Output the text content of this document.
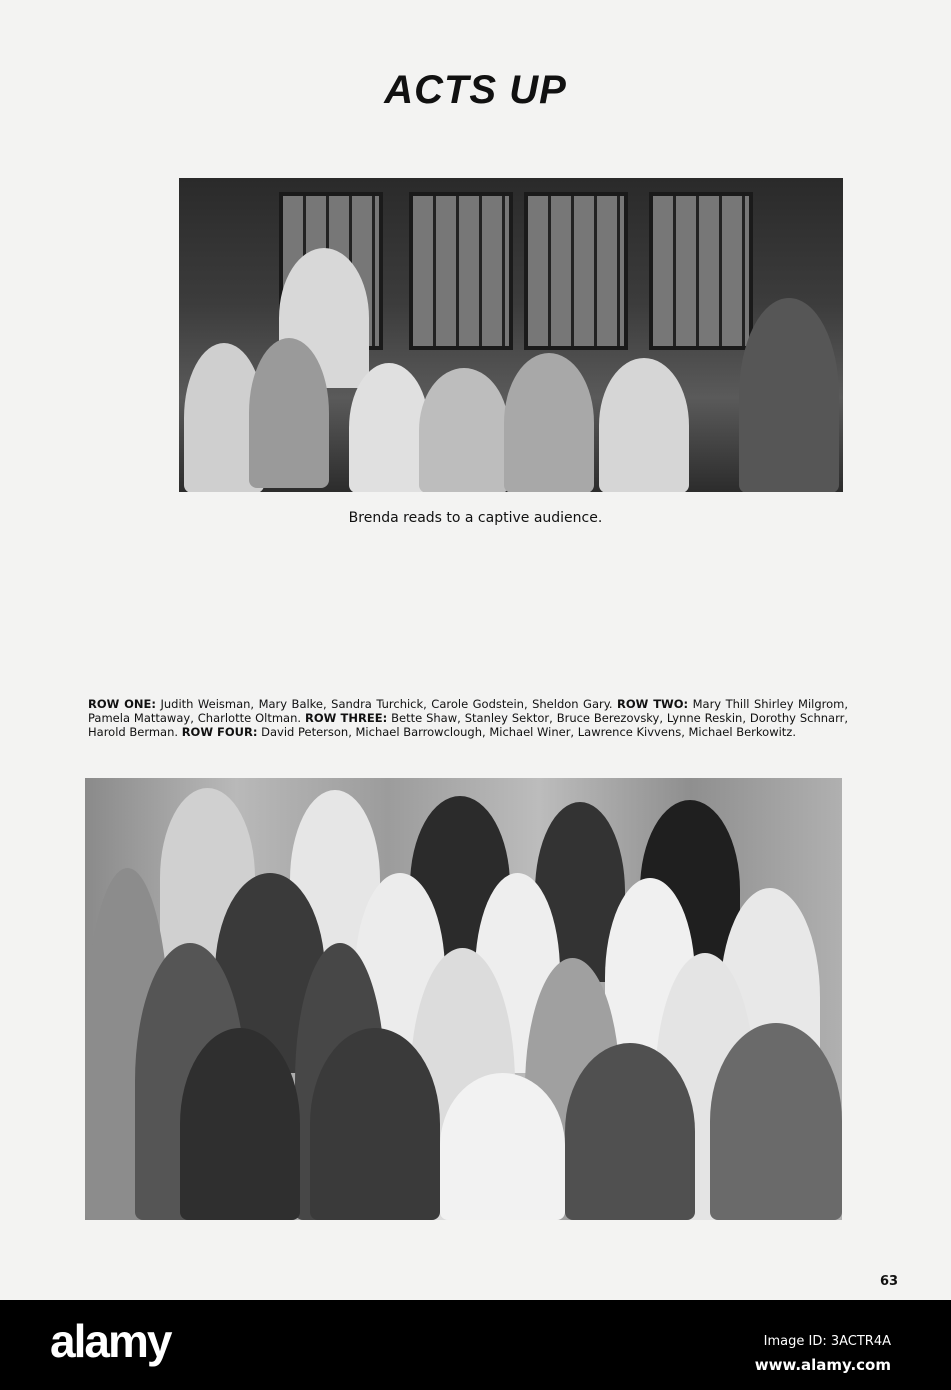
ACTS UP
Brenda reads to a captive audience.
ROW ONE: Judith Weisman, Mary Balke, Sandra Turchick, Carole Godstein, Sheldon Gary. ROW TWO: Mary Thill Shirley Milgrom, Pamela Mattaway, Charlotte Oltman. ROW THREE: Bette Shaw, Stanley Sektor, Bruce Berezovsky, Lynne Reskin, Dorothy Schnarr, Harold Berman. ROW FOUR: David Peterson, Michael Barrowclough, Michael Winer, Lawrence Kivvens, Michael Berkowitz.
63
alamy	Image ID: 3ACTR4A
www.alamy.com
